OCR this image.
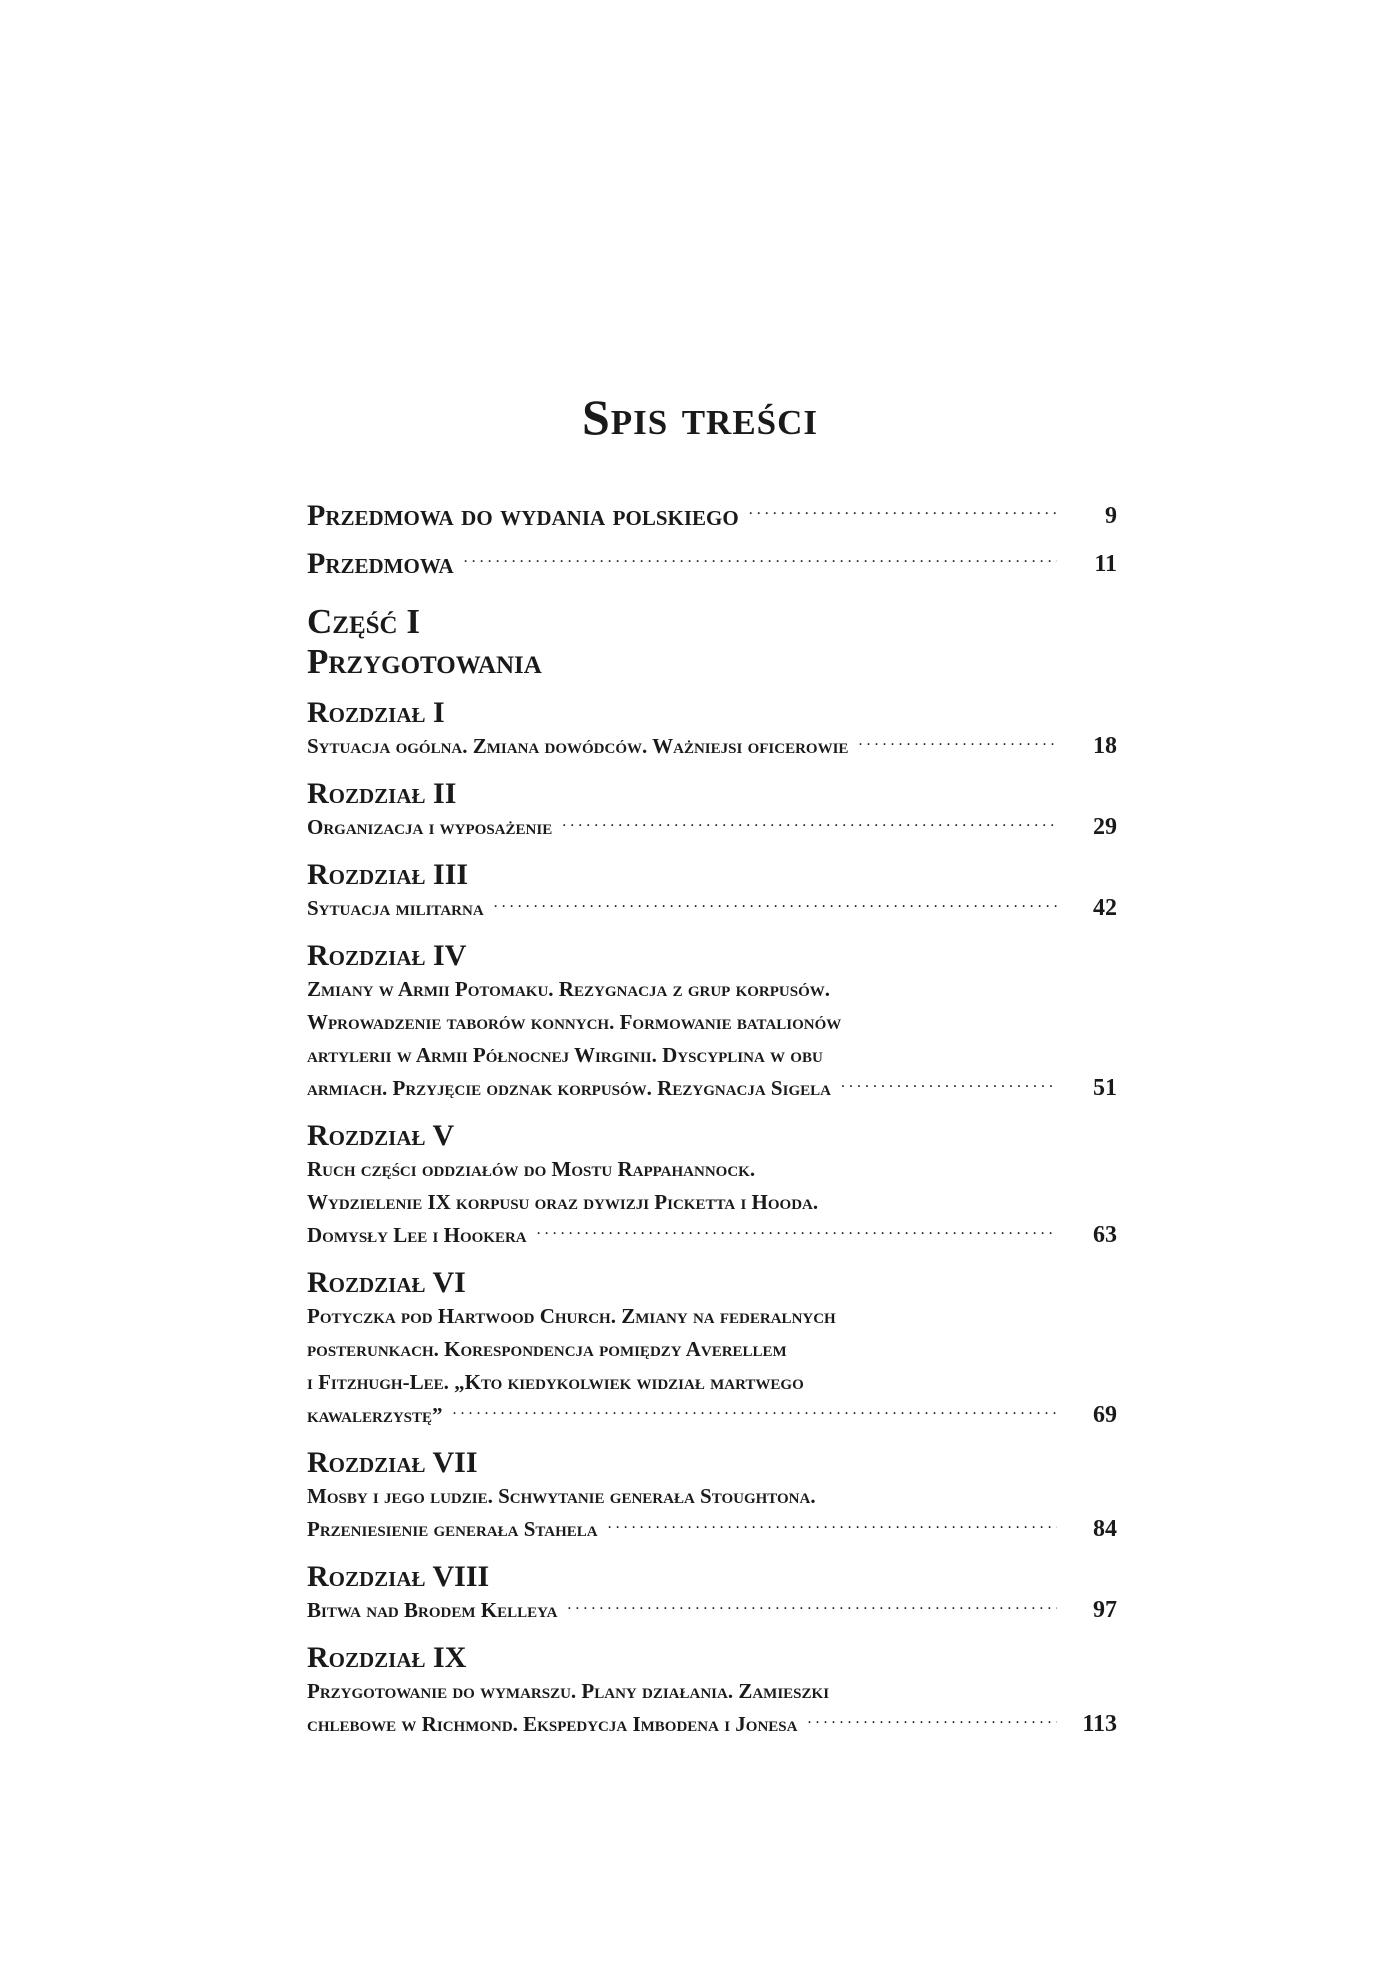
Spis treści
Przedmowa do wydania polskiego . . .	9
Przedmowa . . .	11
Część I
Przygotowania
Rozdział I
Sytuacja ogólna. Zmiana dowódców. Ważniejsi oficerowie . . .	18
Rozdział II
Organizacja i wyposażenie . . .	29
Rozdział III
Sytuacja militarna . . .	42
Rozdział IV
Zmiany w Armii Potomaku. Rezygnacja z grup korpusów.
Wprowadzenie taborów konnych. Formowanie batalionów
artylerii w Armii Północnej Wirginii. Dyscyplina w obu
armiach. Przyjęcie odznak korpusów. Rezygnacja Sigela . . .	51
Rozdział V
Ruch części oddziałów do Mostu Rappahannock.
Wydzielenie IX korpusu oraz dywizji Picketta i Hooda.
Domysły Lee i Hookera . . .	63
Rozdział VI
Potyczka pod Hartwood Church. Zmiany na federalnych
posterunkach. Korespondencja pomiędzy Averellem
i Fitzhugh-Lee. „Kto kiedykolwiek widział martwego
kawalerzystę” . . .	69
Rozdział VII
Mosby i jego ludzie. Schwytanie generała Stoughtona.
Przeniesienie generała Stahela . . .	84
Rozdział VIII
Bitwa nad Brodem Kelleya . . .	97
Rozdział IX
Przygotowanie do wymarszu. Plany działania. Zamieszki
chlebowe w Richmond. Ekspedycja Imbodena i Jonesa . . .	113
